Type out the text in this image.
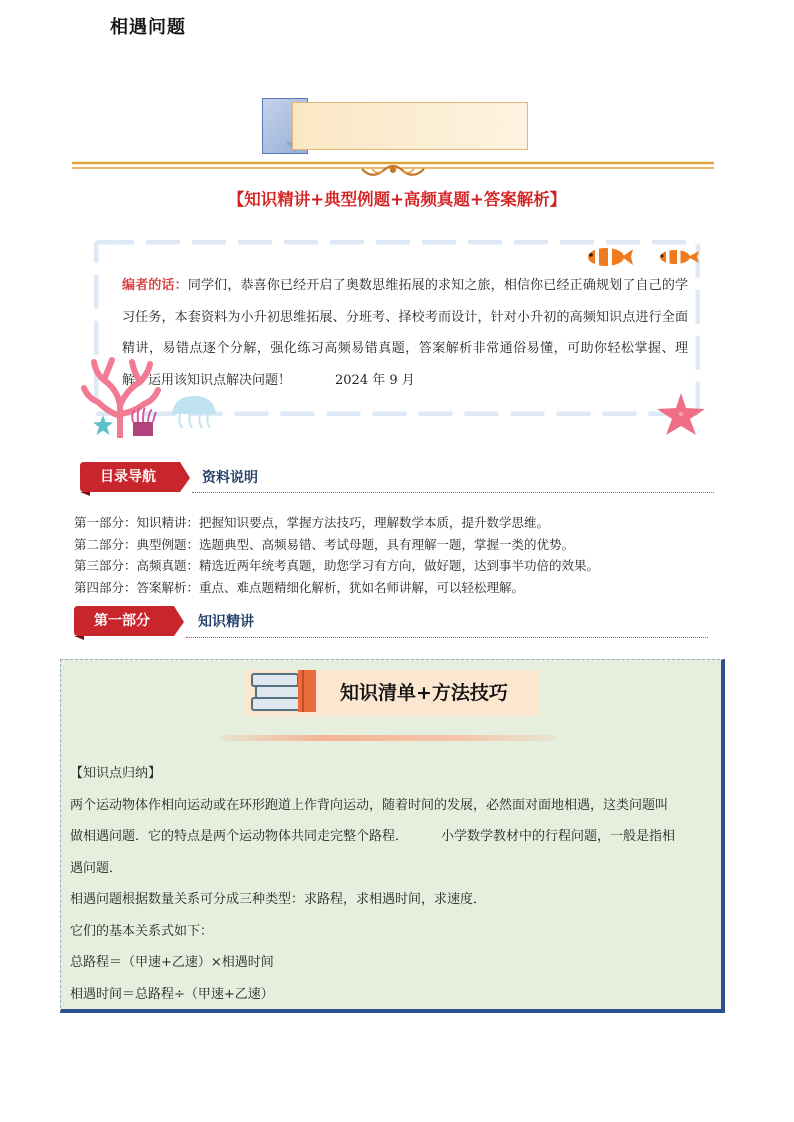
相遇问题
【知识精讲+典型例题+高频真题+答案解析】
编者的话：同学们，恭喜你已经开启了奥数思维拓展的求知之旅，相信你已经正确规划了自己的学习任务，本套资料为小升初思维拓展、分班考、择校考而设计，针对小升初的高频知识点进行全面精讲，易错点逐个分解，强化练习高频易错真题，答案解析非常通俗易懂，可助你轻松掌握、理解、运用该知识点解决问题！	2024 年 9 月
目录导航	资料说明
第一部分：知识精讲：把握知识要点，掌握方法技巧，理解数学本质，提升数学思维。
第二部分：典型例题：选题典型、高频易错、考试母题，具有理解一题，掌握一类的优势。
第三部分：高频真题：精选近两年统考真题，助您学习有方向，做好题，达到事半功倍的效果。
第四部分：答案解析：重点、难点题精细化解析，犹如名师讲解，可以轻松理解。
第一部分	知识精讲
知识清单+方法技巧
【知识点归纳】
两个运动物体作相向运动或在环形跑道上作背向运动，随着时间的发展，必然面对面地相遇，这类问题叫
做相遇问题．它的特点是两个运动物体共同走完整个路程．        小学数学教材中的行程问题，一般是指相
遇问题．
相遇问题根据数量关系可分成三种类型：求路程，求相遇时间，求速度．
它们的基本关系式如下：
总路程＝（甲速+乙速）×相遇时间
相遇时间＝总路程÷（甲速+乙速）
